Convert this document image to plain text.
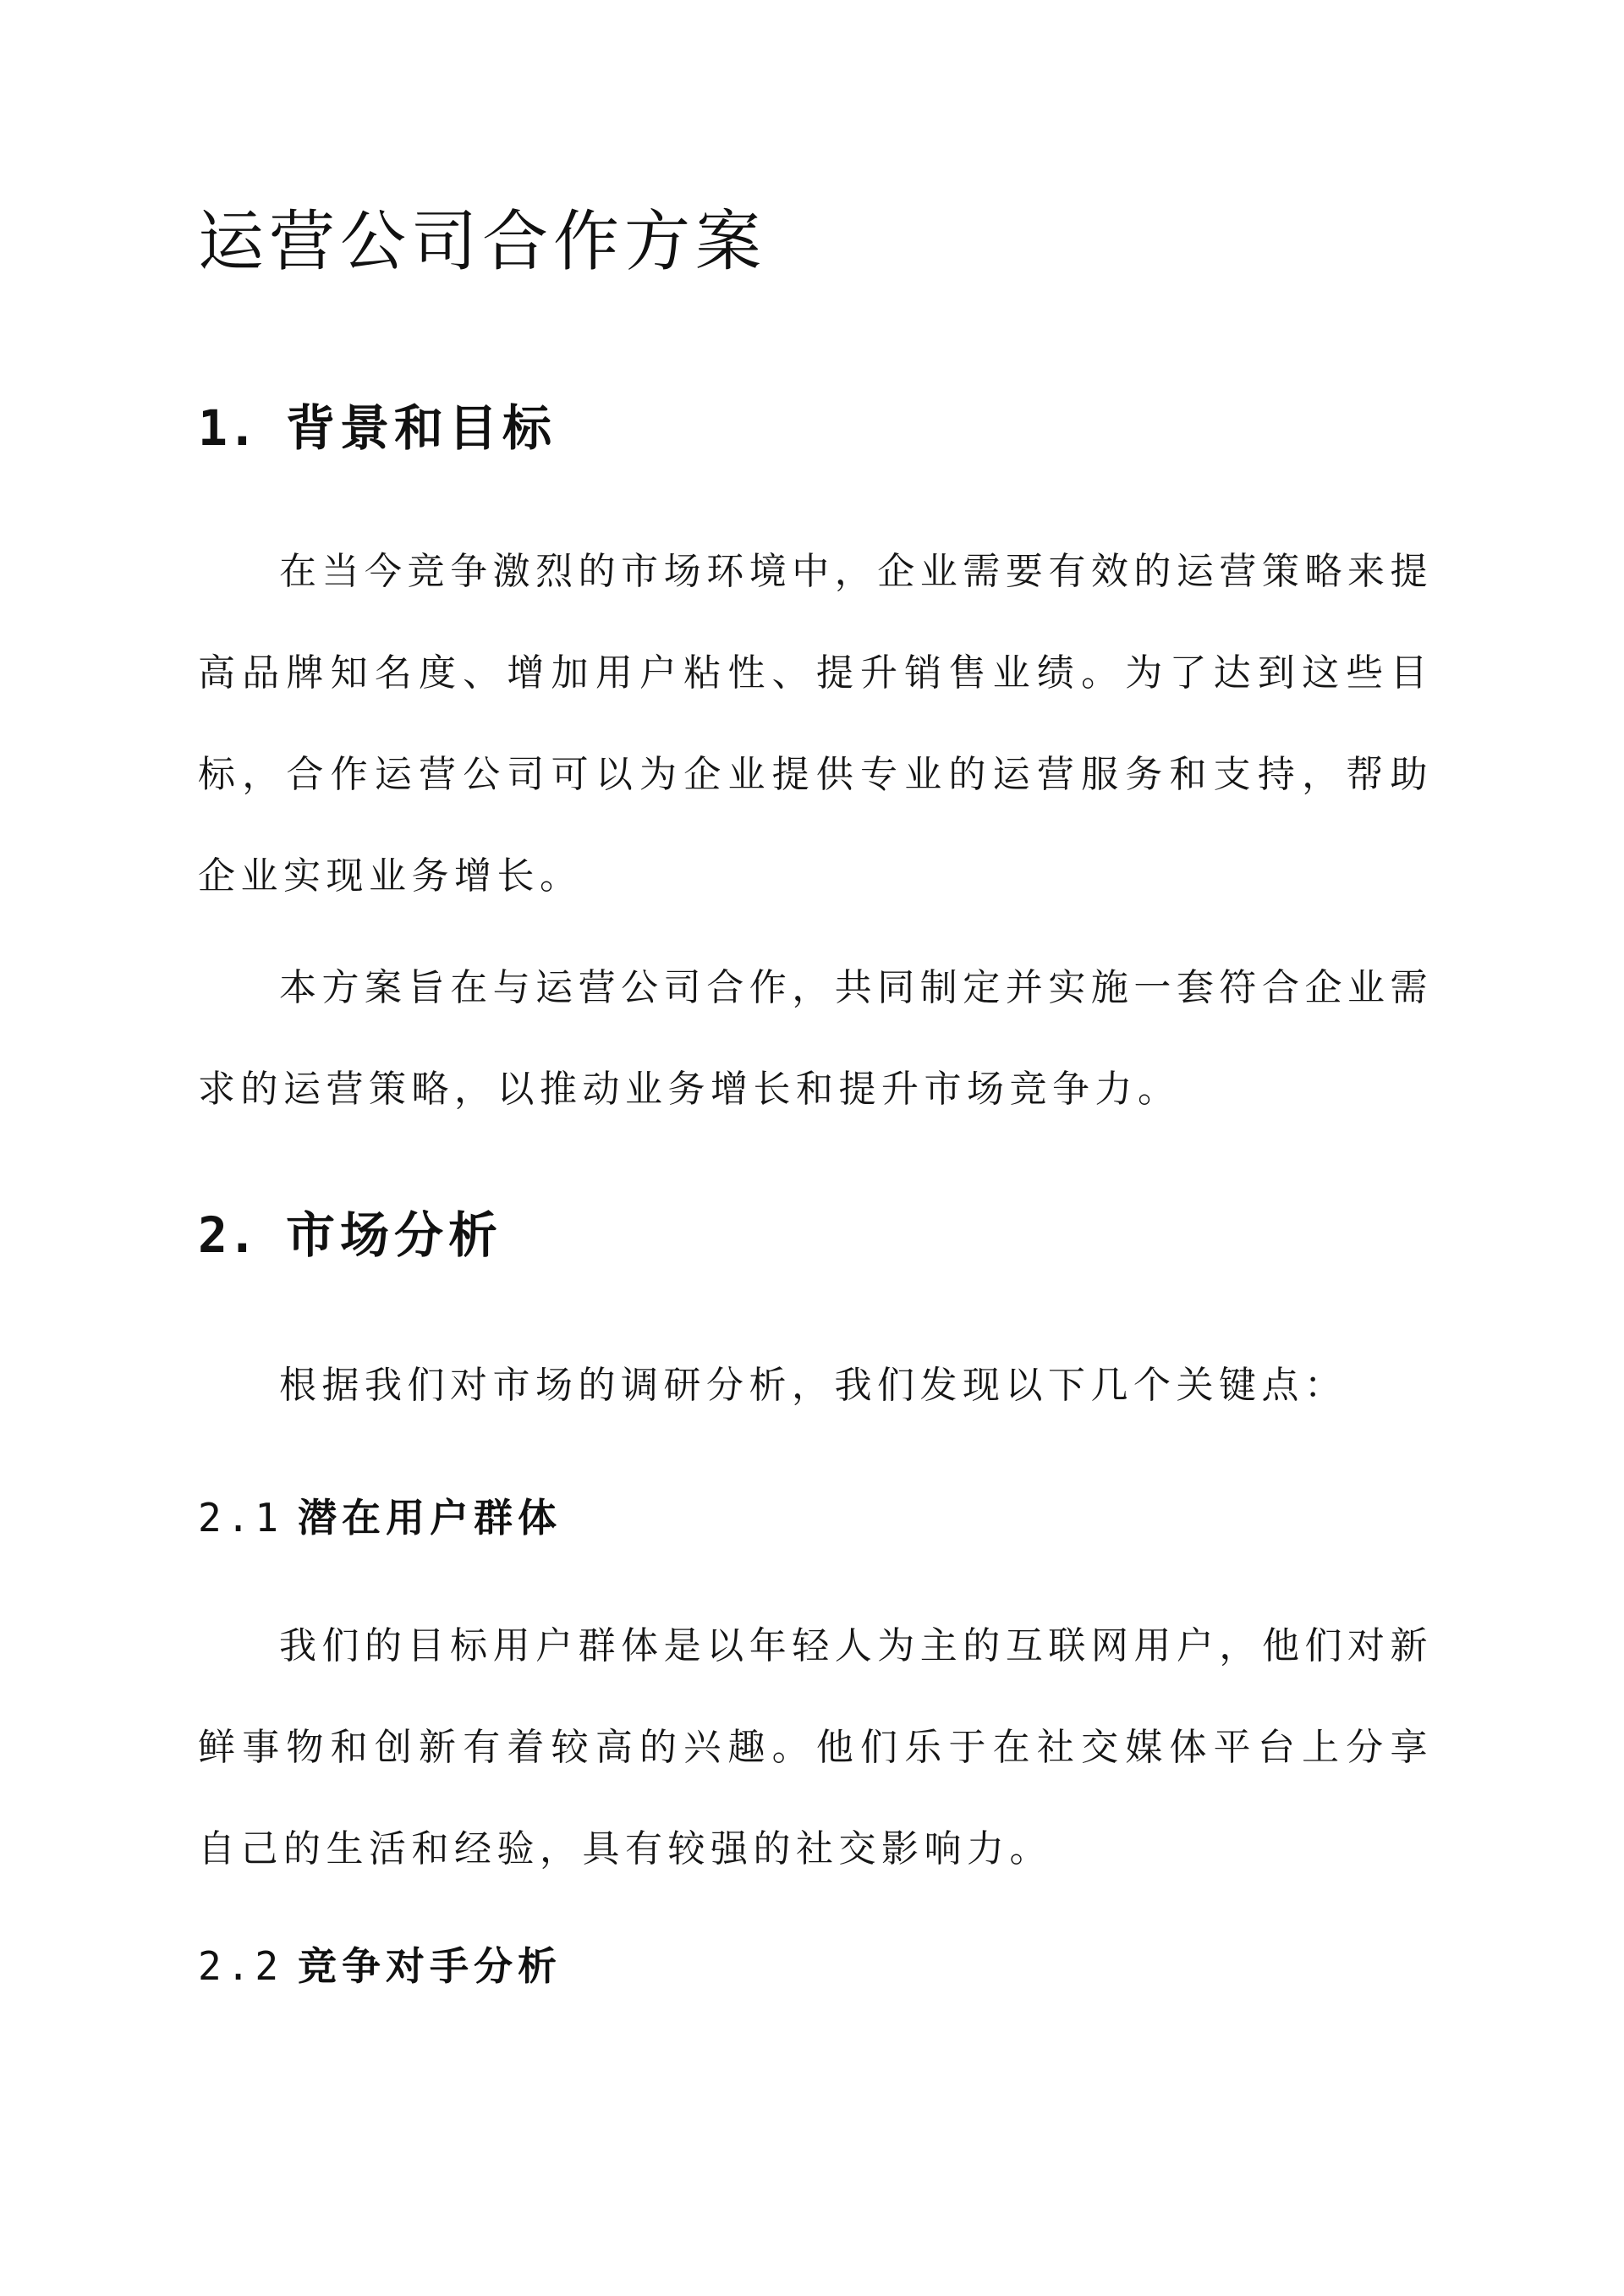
运营公司合作方案
1. 背景和目标

在当今竞争激烈的市场环境中，企业需要有效的运营策略来提高品牌知名度、增加用户粘性、提升销售业绩。为了达到这些目标，合作运营公司可以为企业提供专业的运营服务和支持，帮助企业实现业务增长。

本方案旨在与运营公司合作，共同制定并实施一套符合企业需求的运营策略，以推动业务增长和提升市场竞争力。

2. 市场分析

根据我们对市场的调研分析，我们发现以下几个关键点：

2.1 潜在用户群体

我们的目标用户群体是以年轻人为主的互联网用户，他们对新鲜事物和创新有着较高的兴趣。他们乐于在社交媒体平台上分享自己的生活和经验，具有较强的社交影响力。

2.2 竞争对手分析
